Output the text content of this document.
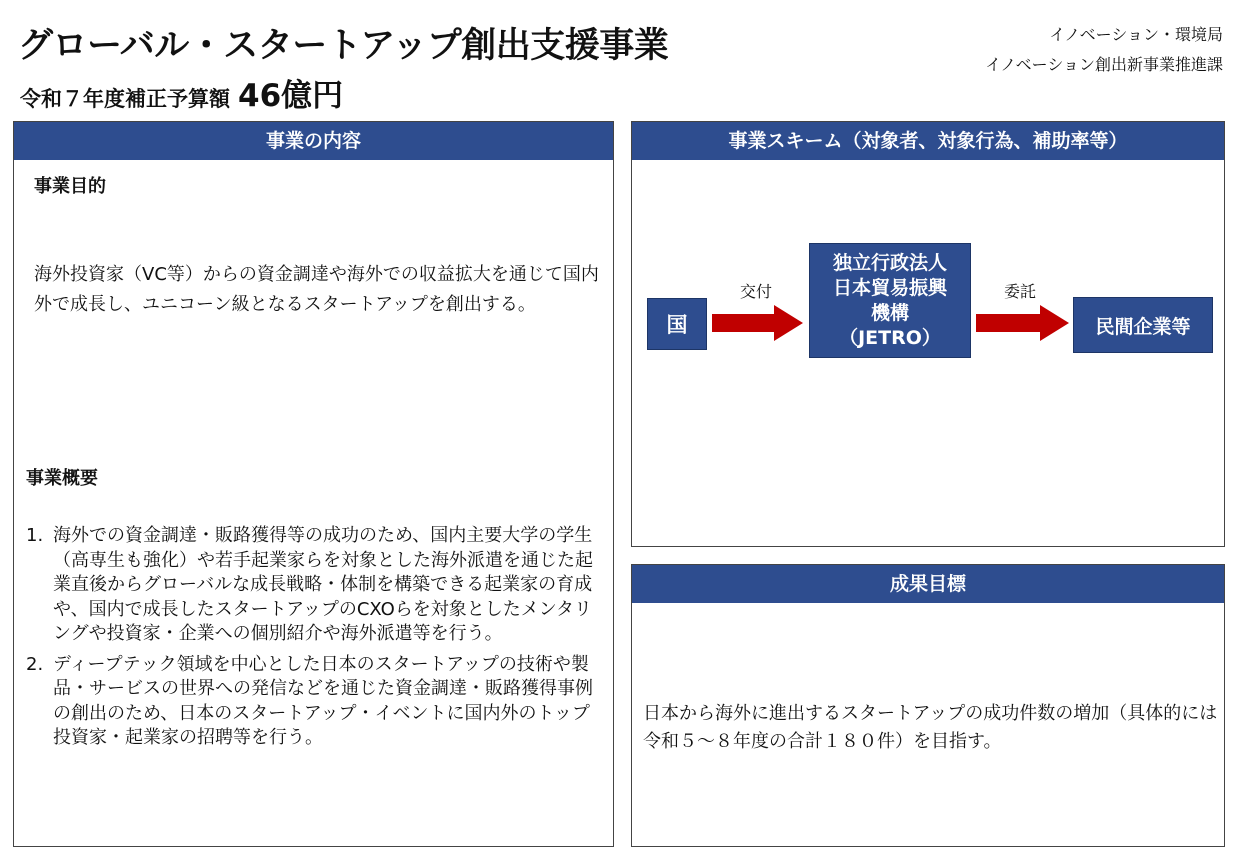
グローバル・スタートアップ創出支援事業
令和７年度補正予算額 46億円
イノベーション・環境局
イノベーション創出新事業推進課
事業の内容
事業目的
海外投資家（VC等）からの資金調達や海外での収益拡大を通じて国内外で成長し、ユニコーン級となるスタートアップを創出する。
事業概要
1. 海外での資金調達・販路獲得等の成功のため、国内主要大学の学生（高専生も強化）や若手起業家らを対象とした海外派遣を通じた起業直後からグローバルな成長戦略・体制を構築できる起業家の育成や、国内で成長したスタートアップのCXOらを対象としたメンタリングや投資家・企業への個別紹介や海外派遣等を行う。
2. ディープテック領域を中心とした日本のスタートアップの技術や製品・サービスの世界への発信などを通じた資金調達・販路獲得事例の創出のため、日本のスタートアップ・イベントに国内外のトップ投資家・起業家の招聘等を行う。
事業スキーム（対象者、対象行為、補助率等）
国
交付
独立行政法人
日本貿易振興
機構
（JETRO）
委託
民間企業等
成果目標
日本から海外に進出するスタートアップの成功件数の増加（具体的には令和５～８年度の合計１８０件）を目指す。
